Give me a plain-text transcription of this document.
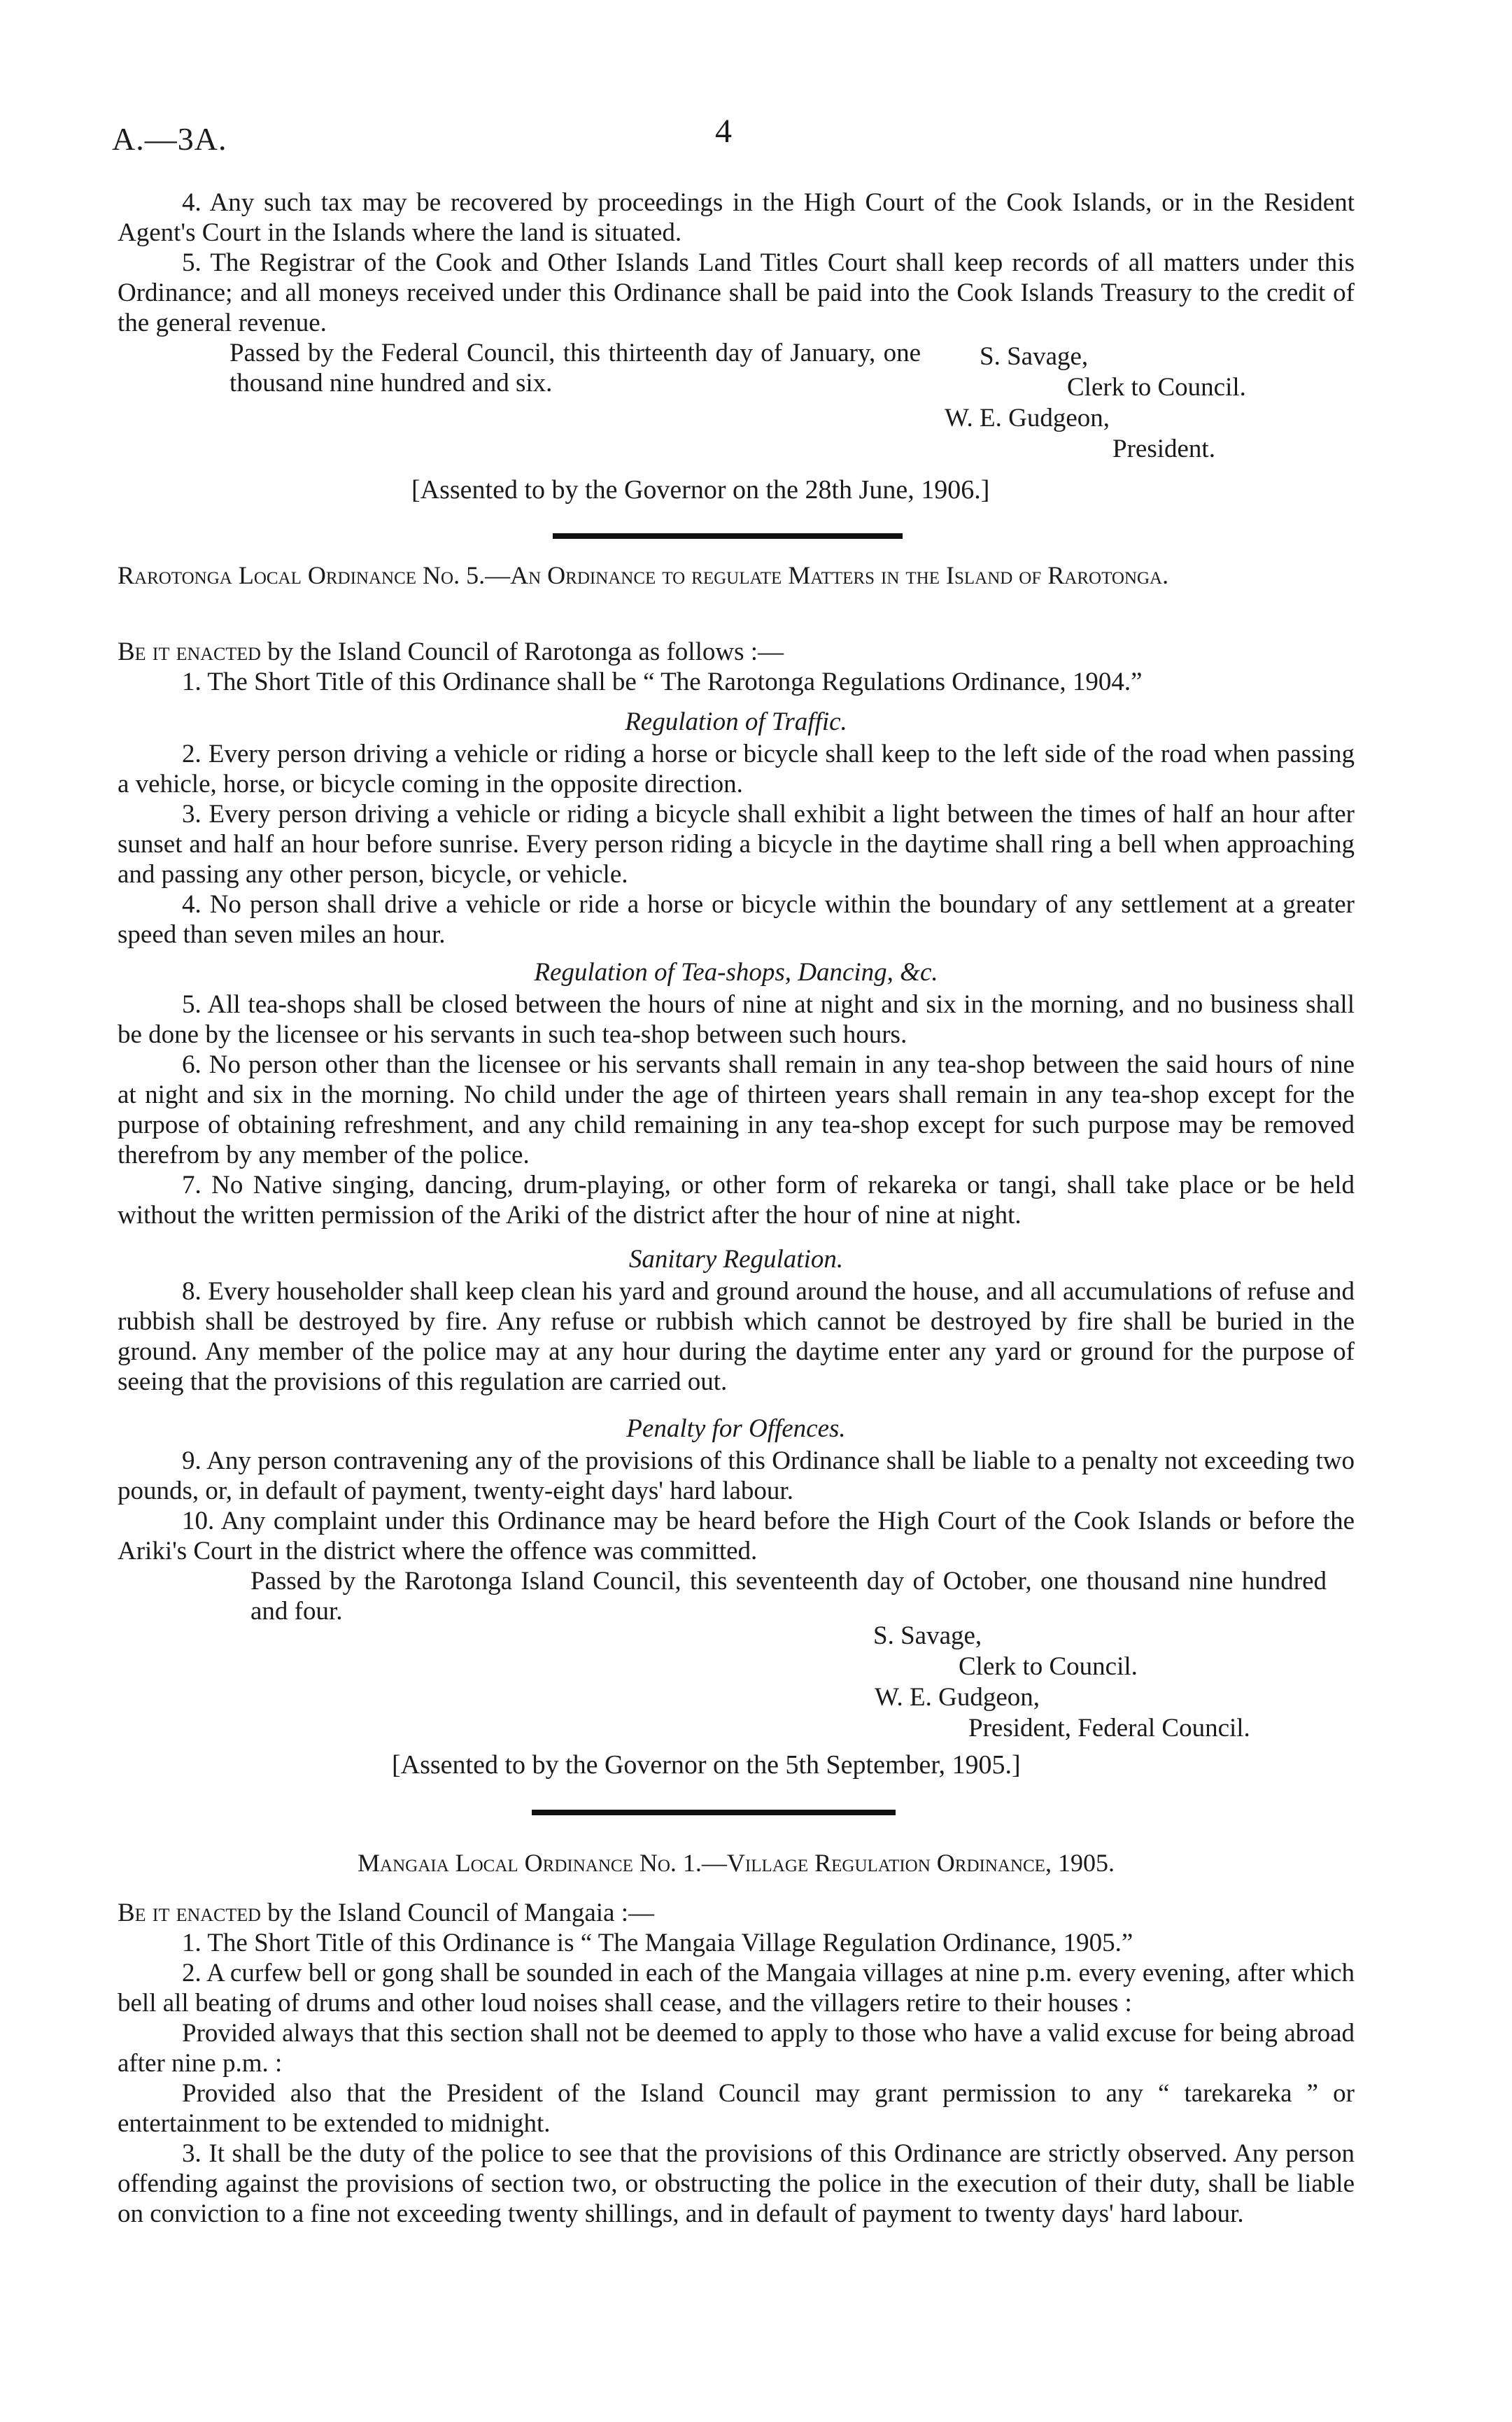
A.—3A.	4

4. Any such tax may be recovered by proceedings in the High Court of the Cook Islands, or in the Resident Agent's Court in the Islands where the land is situated.

5. The Registrar of the Cook and Other Islands Land Titles Court shall keep records of all matters under this Ordinance; and all moneys received under this Ordinance shall be paid into the Cook Islands Treasury to the credit of the general revenue.

Passed by the Federal Council, this thirteenth day of January, one thousand nine hundred and six.

S. Savage,
Clerk to Council.
W. E. Gudgeon,
President.
[Assented to by the Governor on the 28th June, 1906.]
Rarotonga Local Ordinance No. 5.—An Ordinance to regulate Matters in the Island of Rarotonga.

Be it enacted by the Island Council of Rarotonga as follows :—

1. The Short Title of this Ordinance shall be “ The Rarotonga Regulations Ordinance, 1904.”

Regulation of Traffic.

2. Every person driving a vehicle or riding a horse or bicycle shall keep to the left side of the road when passing a vehicle, horse, or bicycle coming in the opposite direction.

3. Every person driving a vehicle or riding a bicycle shall exhibit a light between the times of half an hour after sunset and half an hour before sunrise. Every person riding a bicycle in the daytime shall ring a bell when approaching and passing any other person, bicycle, or vehicle.

4. No person shall drive a vehicle or ride a horse or bicycle within the boundary of any settlement at a greater speed than seven miles an hour.

Regulation of Tea-shops, Dancing, &c.

5. All tea-shops shall be closed between the hours of nine at night and six in the morning, and no business shall be done by the licensee or his servants in such tea-shop between such hours.

6. No person other than the licensee or his servants shall remain in any tea-shop between the said hours of nine at night and six in the morning. No child under the age of thirteen years shall remain in any tea-shop except for the purpose of obtaining refreshment, and any child remaining in any tea-shop except for such purpose may be removed therefrom by any member of the police.

7. No Native singing, dancing, drum-playing, or other form of rekareka or tangi, shall take place or be held without the written permission of the Ariki of the district after the hour of nine at night.

Sanitary Regulation.

8. Every householder shall keep clean his yard and ground around the house, and all accumulations of refuse and rubbish shall be destroyed by fire. Any refuse or rubbish which cannot be destroyed by fire shall be buried in the ground. Any member of the police may at any hour during the daytime enter any yard or ground for the purpose of seeing that the provisions of this regulation are carried out.

Penalty for Offences.

9. Any person contravening any of the provisions of this Ordinance shall be liable to a penalty not exceeding two pounds, or, in default of payment, twenty-eight days' hard labour.

10. Any complaint under this Ordinance may be heard before the High Court of the Cook Islands or before the Ariki's Court in the district where the offence was committed.

Passed by the Rarotonga Island Council, this seventeenth day of October, one thousand nine hundred and four.

S. Savage,
Clerk to Council.
W. E. Gudgeon,
President, Federal Council.
[Assented to by the Governor on the 5th September, 1905.]
Mangaia Local Ordinance No. 1.—Village Regulation Ordinance, 1905.

Be it enacted by the Island Council of Mangaia :—

1. The Short Title of this Ordinance is “ The Mangaia Village Regulation Ordinance, 1905.”

2. A curfew bell or gong shall be sounded in each of the Mangaia villages at nine p.m. every evening, after which bell all beating of drums and other loud noises shall cease, and the villagers retire to their houses :

Provided always that this section shall not be deemed to apply to those who have a valid excuse for being abroad after nine p.m. :

Provided also that the President of the Island Council may grant permission to any “ tarekareka ” or entertainment to be extended to midnight.

3. It shall be the duty of the police to see that the provisions of this Ordinance are strictly observed. Any person offending against the provisions of section two, or obstructing the police in the execution of their duty, shall be liable on conviction to a fine not exceeding twenty shillings, and in default of payment to twenty days' hard labour.
